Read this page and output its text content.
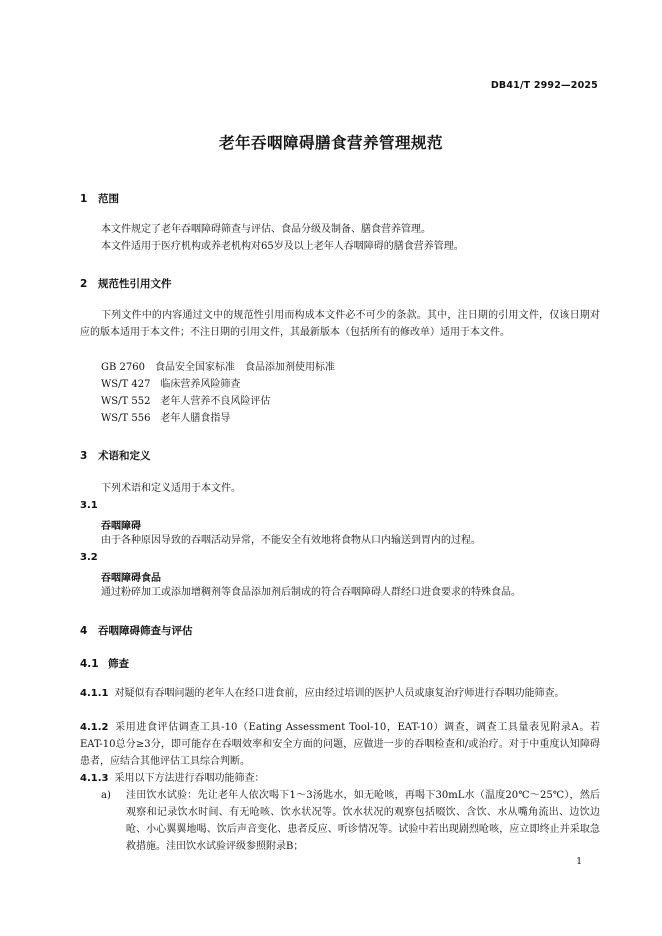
DB41/T 2992—2025
老年吞咽障碍膳食营养管理规范
1 范围
本文件规定了老年吞咽障碍筛查与评估、食品分级及制备、膳食营养管理。
本文件适用于医疗机构或养老机构对65岁及以上老年人吞咽障碍的膳食营养管理。
2 规范性引用文件
下列文件中的内容通过文中的规范性引用而构成本文件必不可少的条款。其中，注日期的引用文件，仅该日期对应的版本适用于本文件；不注日期的引用文件，其最新版本（包括所有的修改单）适用于本文件。
GB 2760　食品安全国家标准　食品添加剂使用标准
WS/T 427　临床营养风险筛查
WS/T 552　老年人营养不良风险评估
WS/T 556　老年人膳食指导
3 术语和定义
下列术语和定义适用于本文件。
3.1
吞咽障碍
由于各种原因导致的吞咽活动异常，不能安全有效地将食物从口内输送到胃内的过程。
3.2
吞咽障碍食品
通过粉碎加工或添加增稠剂等食品添加剂后制成的符合吞咽障碍人群经口进食要求的特殊食品。
4 吞咽障碍筛查与评估
4.1 筛查
4.1.1 对疑似有吞咽问题的老年人在经口进食前，应由经过培训的医护人员或康复治疗师进行吞咽功能筛查。
4.1.2 采用进食评估调查工具-10（Eating Assessment Tool-10，EAT-10）调查，调查工具量表见附录A。若EAT-10总分≥3分，即可能存在吞咽效率和安全方面的问题，应做进一步的吞咽检查和/或治疗。对于中重度认知障碍患者，应结合其他评估工具综合判断。
4.1.3 采用以下方法进行吞咽功能筛查：
a) 洼田饮水试验：先让老年人依次喝下1～3汤匙水，如无呛咳，再喝下30mL水（温度20℃～25℃），然后观察和记录饮水时间、有无呛咳、饮水状况等。饮水状况的观察包括啜饮、含饮、水从嘴角流出、边饮边呛、小心翼翼地喝、饮后声音变化、患者反应、听诊情况等。试验中若出现剧烈呛咳，应立即终止并采取急救措施。洼田饮水试验评级参照附录B；
1
